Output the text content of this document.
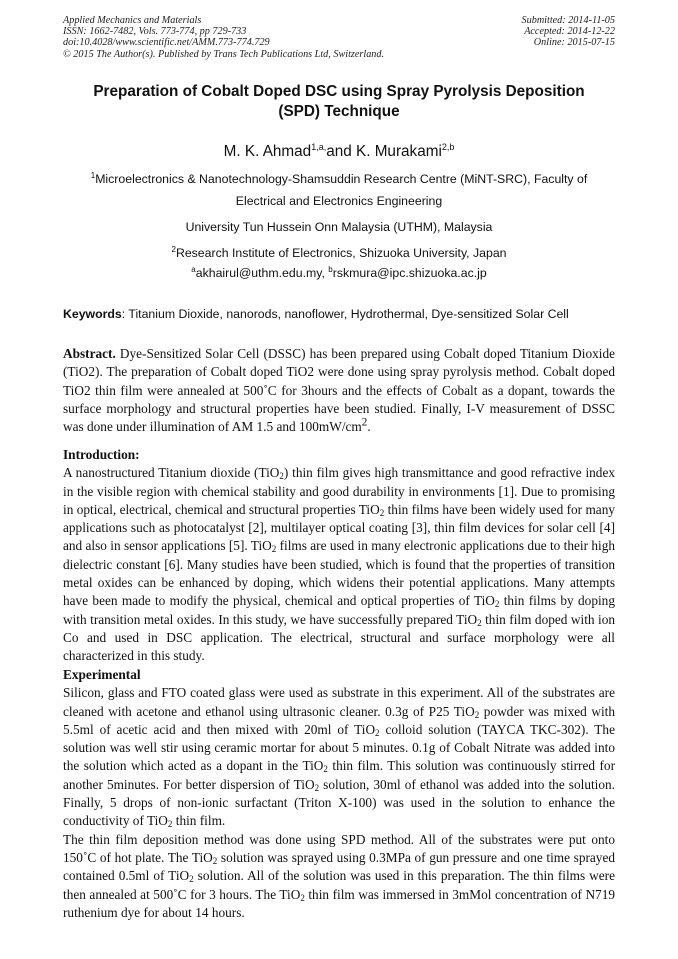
Applied Mechanics and Materials
ISSN: 1662-7482, Vols. 773-774, pp 729-733
doi:10.4028/www.scientific.net/AMM.773-774.729
© 2015 The Author(s). Published by Trans Tech Publications Ltd, Switzerland.
Submitted: 2014-11-05
Accepted: 2014-12-22
Online: 2015-07-15
Preparation of Cobalt Doped DSC using Spray Pyrolysis Deposition
(SPD) Technique
M. K. Ahmad$^{1,a,}$and K. Murakami$^{2,b}$
$^1$Microelectronics & Nanotechnology-Shamsuddin Research Centre (MiNT-SRC), Faculty of
Electrical and Electronics Engineering
University Tun Hussein Onn Malaysia (UTHM), Malaysia
$^2$Research Institute of Electronics, Shizuoka University, Japan
$^a$akhairul@uthm.edu.my, $^b$rskmura@ipc.shizuoka.ac.jp
Keywords: Titanium Dioxide, nanorods, nanoflower, Hydrothermal, Dye-sensitized Solar Cell

Abstract. Dye-Sensitized Solar Cell (DSSC) has been prepared using Cobalt doped Titanium Dioxide (TiO2). The preparation of Cobalt doped TiO2 were done using spray pyrolysis method. Cobalt doped TiO2 thin film were annealed at 500˚C for 3hours and the effects of Cobalt as a dopant, towards the surface morphology and structural properties have been studied. Finally, I-V measurement of DSSC was done under illumination of AM 1.5 and $100mW/cm^2$.

Introduction:

A nanostructured Titanium dioxide (TiO$_2$) thin film gives high transmittance and good refractive index in the visible region with chemical stability and good durability in environments [1]. Due to promising in optical, electrical, chemical and structural properties TiO$_2$ thin films have been widely used for many applications such as photocatalyst [2], multilayer optical coating [3], thin film devices for solar cell [4] and also in sensor applications [5]. TiO$_2$ films are used in many electronic applications due to their high dielectric constant [6]. Many studies have been studied, which is found that the properties of transition metal oxides can be enhanced by doping, which widens their potential applications. Many attempts have been made to modify the physical, chemical and optical properties of TiO$_2$ thin films by doping with transition metal oxides. In this study, we have successfully prepared TiO$_2$ thin film doped with ion Co and used in DSC application. The electrical, structural and surface morphology were all characterized in this study.

Experimental

Silicon, glass and FTO coated glass were used as substrate in this experiment. All of the substrates are cleaned with acetone and ethanol using ultrasonic cleaner. 0.3g of P25 TiO$_2$ powder was mixed with 5.5ml of acetic acid and then mixed with 20ml of TiO$_2$ colloid solution (TAYCA TKC-302). The solution was well stir using ceramic mortar for about 5 minutes. 0.1g of Cobalt Nitrate was added into the solution which acted as a dopant in the TiO$_2$ thin film. This solution was continuously stirred for another 5minutes. For better dispersion of TiO$_2$ solution, 30ml of ethanol was added into the solution. Finally, 5 drops of non-ionic surfactant (Triton X-100) was used in the solution to enhance the conductivity of TiO$_2$ thin film.

The thin film deposition method was done using SPD method. All of the substrates were put onto 150˚C of hot plate. The TiO$_2$ solution was sprayed using 0.3MPa of gun pressure and one time sprayed contained 0.5ml of TiO$_2$ solution. All of the solution was used in this preparation. The thin films were then annealed at 500˚C for 3 hours. The TiO$_2$ thin film was immersed in 3mMol concentration of N719 ruthenium dye for about 14 hours.
